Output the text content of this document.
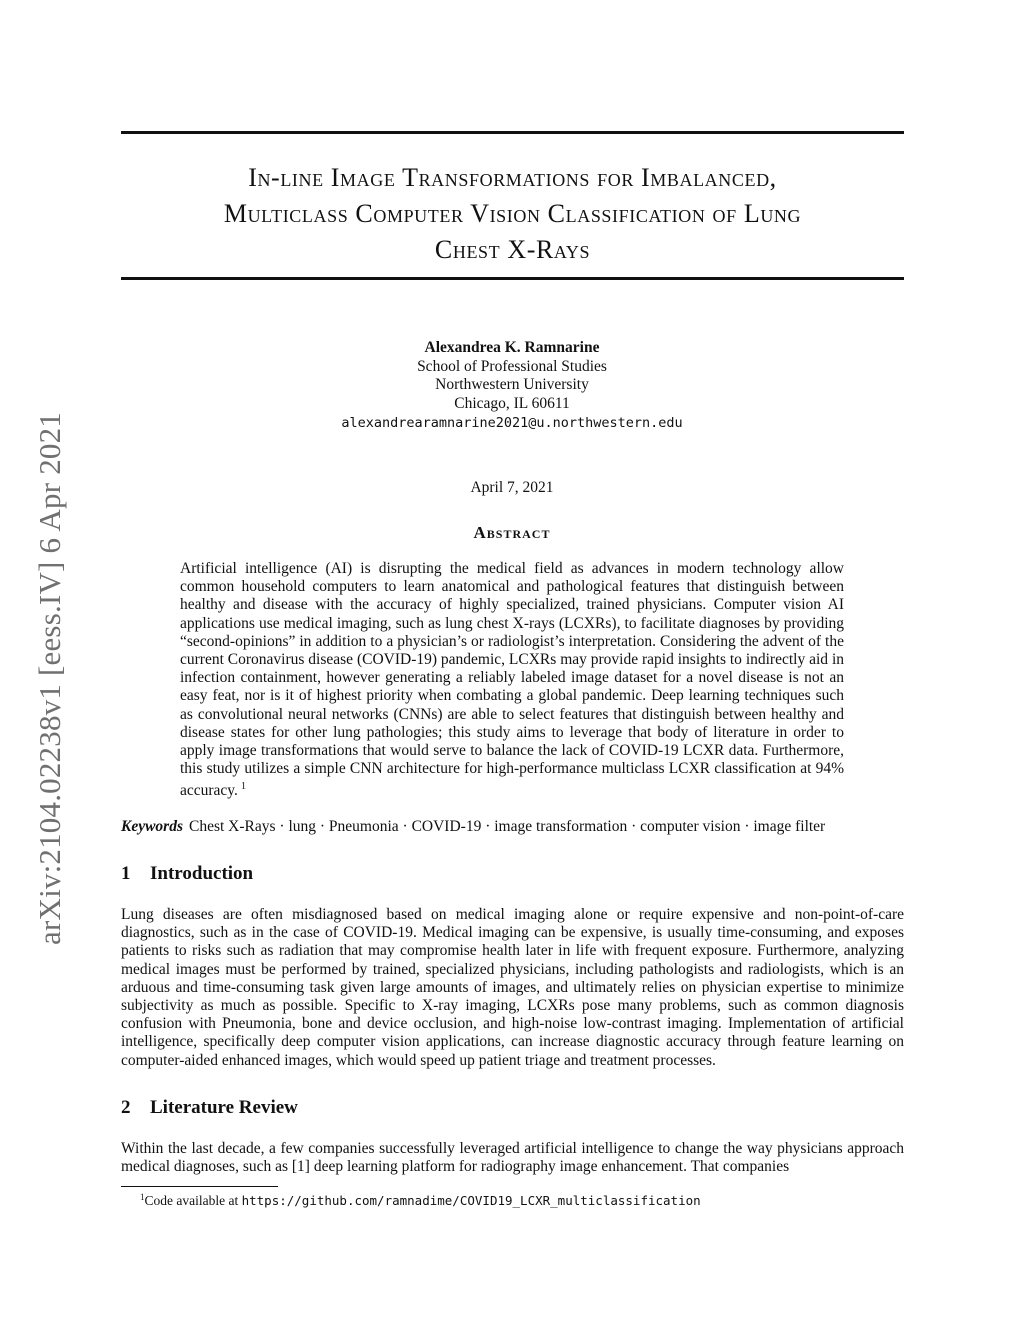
arXiv:2104.02238v1 [eess.IV] 6 Apr 2021
In-line Image Transformations for Imbalanced,
Multiclass Computer Vision Classification of Lung
Chest X-Rays
Alexandrea K. Ramnarine
School of Professional Studies
Northwestern University
Chicago, IL 60611
alexandrearamnarine2021@u.northwestern.edu
April 7, 2021
Abstract

Artificial intelligence (AI) is disrupting the medical field as advances in modern technology allow common household computers to learn anatomical and pathological features that distinguish between healthy and disease with the accuracy of highly specialized, trained physicians. Computer vision AI applications use medical imaging, such as lung chest X-rays (LCXRs), to facilitate diagnoses by providing “second-opinions” in addition to a physician’s or radiologist’s interpretation. Considering the advent of the current Coronavirus disease (COVID-19) pandemic, LCXRs may provide rapid insights to indirectly aid in infection containment, however generating a reliably labeled image dataset for a novel disease is not an easy feat, nor is it of highest priority when combating a global pandemic. Deep learning techniques such as convolutional neural networks (CNNs) are able to select features that distinguish between healthy and disease states for other lung pathologies; this study aims to leverage that body of literature in order to apply image transformations that would serve to balance the lack of COVID-19 LCXR data. Furthermore, this study utilizes a simple CNN architecture for high-performance multiclass LCXR classification at 94% accuracy. $^1$

Keywords Chest X-Rays · lung · Pneumonia · COVID-19 · image transformation · computer vision · image filter
1 Introduction

Lung diseases are often misdiagnosed based on medical imaging alone or require expensive and non-point-of-care diagnostics, such as in the case of COVID-19. Medical imaging can be expensive, is usually time-consuming, and exposes patients to risks such as radiation that may compromise health later in life with frequent exposure. Furthermore, analyzing medical images must be performed by trained, specialized physicians, including pathologists and radiologists, which is an arduous and time-consuming task given large amounts of images, and ultimately relies on physician expertise to minimize subjectivity as much as possible. Specific to X-ray imaging, LCXRs pose many problems, such as common diagnosis confusion with Pneumonia, bone and device occlusion, and high-noise low-contrast imaging. Implementation of artificial intelligence, specifically deep computer vision applications, can increase diagnostic accuracy through feature learning on computer-aided enhanced images, which would speed up patient triage and treatment processes.

2 Literature Review

Within the last decade, a few companies successfully leveraged artificial intelligence to change the way physicians approach medical diagnoses, such as [1] deep learning platform for radiography image enhancement. That companies

$^1$Code available at https://github.com/ramnadime/COVID19_LCXR_multiclassification
